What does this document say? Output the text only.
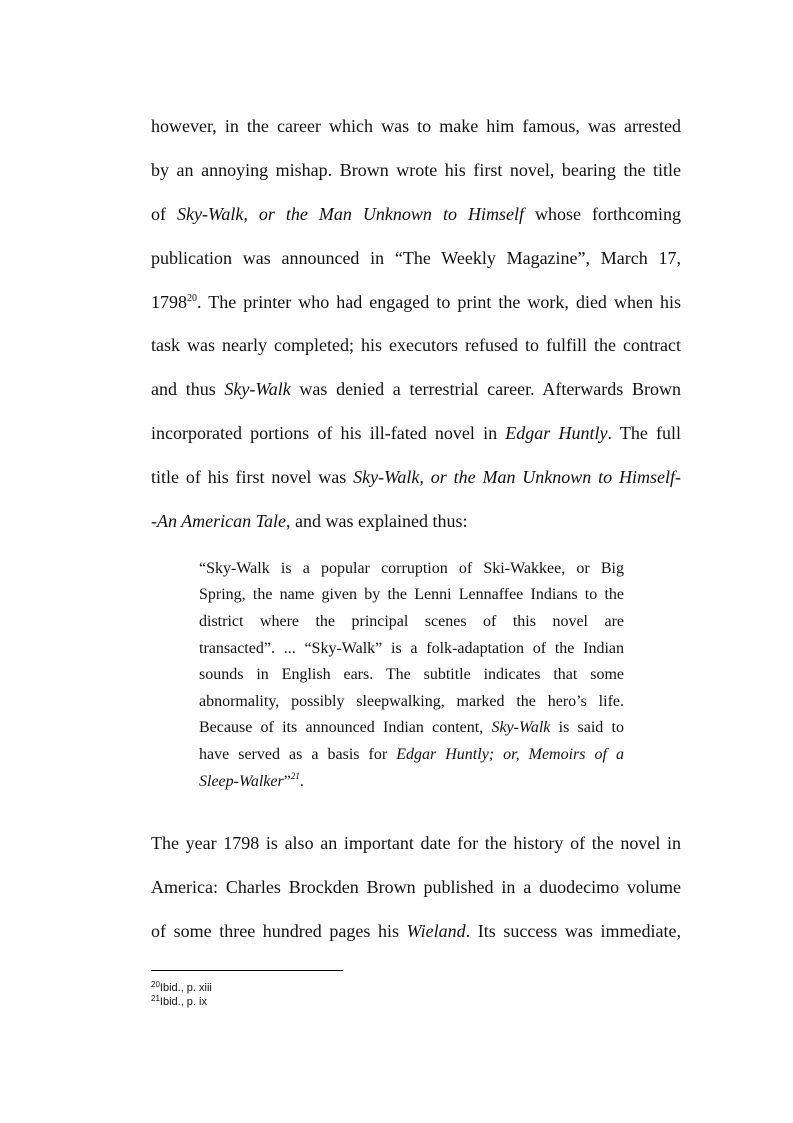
however, in the career which was to make him famous, was arrested
by an annoying mishap. Brown wrote his first novel, bearing the title
of Sky-Walk, or the Man Unknown to Himself whose forthcoming
publication was announced in “The Weekly Magazine”, March 17,
1798$^{20}$. The printer who had engaged to print the work, died when his
task was nearly completed; his executors refused to fulfill the contract
and thus Sky-Walk was denied a terrestrial career. Afterwards Brown
incorporated portions of his ill-fated novel in Edgar Huntly. The full
title of his first novel was Sky-Walk, or the Man Unknown to Himself-
-An American Tale, and was explained thus:
“Sky-Walk is a popular corruption of Ski-Wakkee, or Big
Spring, the name given by the Lenni Lennaffee Indians to the
district where the principal scenes of this novel are
transacted”. ... “Sky-Walk” is a folk-adaptation of the Indian
sounds in English ears. The subtitle indicates that some
abnormality, possibly sleepwalking, marked the hero’s life.
Because of its announced Indian content, Sky-Walk is said to
have served as a basis for Edgar Huntly; or, Memoirs of a
Sleep-Walker”$^{21}$.
The year 1798 is also an important date for the history of the novel in
America: Charles Brockden Brown published in a duodecimo volume
of some three hundred pages his Wieland. Its success was immediate,
$^{20}$Ibid., p. xiii
$^{21}$Ibid., p. ix
